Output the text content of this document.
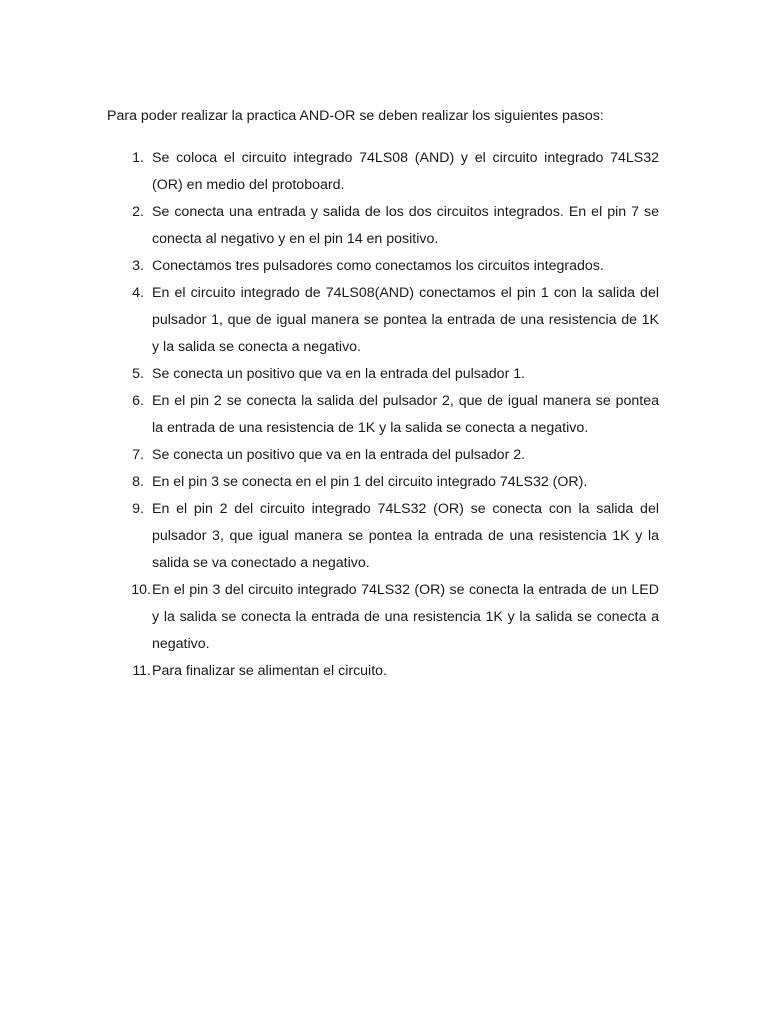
Para poder realizar la practica AND-OR se deben realizar los siguientes pasos:

1. Se coloca el circuito integrado 74LS08 (AND) y el circuito integrado 74LS32 (OR) en medio del protoboard.
2. Se conecta una entrada y salida de los dos circuitos integrados. En el pin 7 se conecta al negativo y en el pin 14 en positivo.
3. Conectamos tres pulsadores como conectamos los circuitos integrados.
4. En el circuito integrado de 74LS08(AND) conectamos el pin 1 con la salida del pulsador 1, que de igual manera se pontea la entrada de una resistencia de 1K y la salida se conecta a negativo.
5. Se conecta un positivo que va en la entrada del pulsador 1.
6. En el pin 2 se conecta la salida del pulsador 2, que de igual manera se pontea la entrada de una resistencia de 1K y la salida se conecta a negativo.
7. Se conecta un positivo que va en la entrada del pulsador 2.
8. En el pin 3 se conecta en el pin 1 del circuito integrado 74LS32 (OR).
9. En el pin 2 del circuito integrado 74LS32 (OR) se conecta con la salida del pulsador 3, que igual manera se pontea la entrada de una resistencia 1K y la salida se va conectado a negativo.
10. En el pin 3 del circuito integrado 74LS32 (OR) se conecta la entrada de un LED y la salida se conecta la entrada de una resistencia 1K y la salida se conecta a negativo.
11. Para finalizar se alimentan el circuito.
